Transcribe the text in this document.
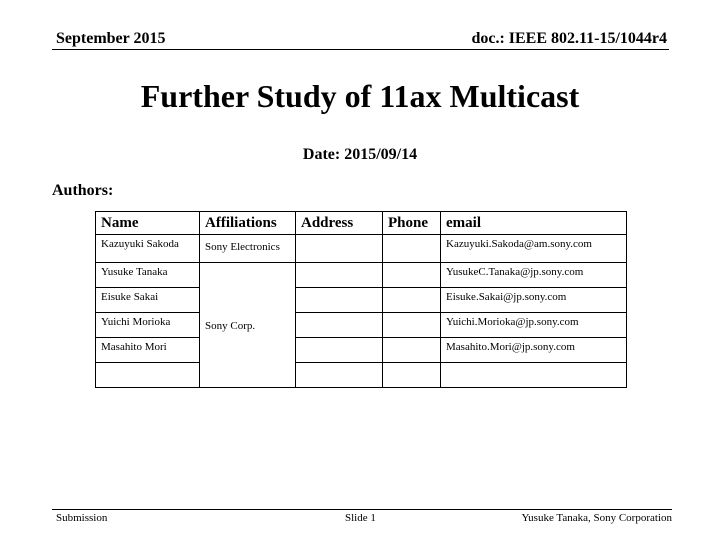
September 2015	doc.: IEEE 802.11-15/1044r4
Further Study of 11ax Multicast
Date: 2015/09/14
Authors:
Name	Affiliations	Address	Phone	email
Kazuyuki Sakoda	Sony Electronics			Kazuyuki.Sakoda@am.sony.com
Yusuke Tanaka	Sony Corp.			YusukeC.Tanaka@jp.sony.com
Eisuke Sakai				Eisuke.Sakai@jp.sony.com
Yuichi Morioka				Yuichi.Morioka@jp.sony.com
Masahito Mori				Masahito.Mori@jp.sony.com

Submission	Slide 1	Yusuke Tanaka, Sony Corporation
